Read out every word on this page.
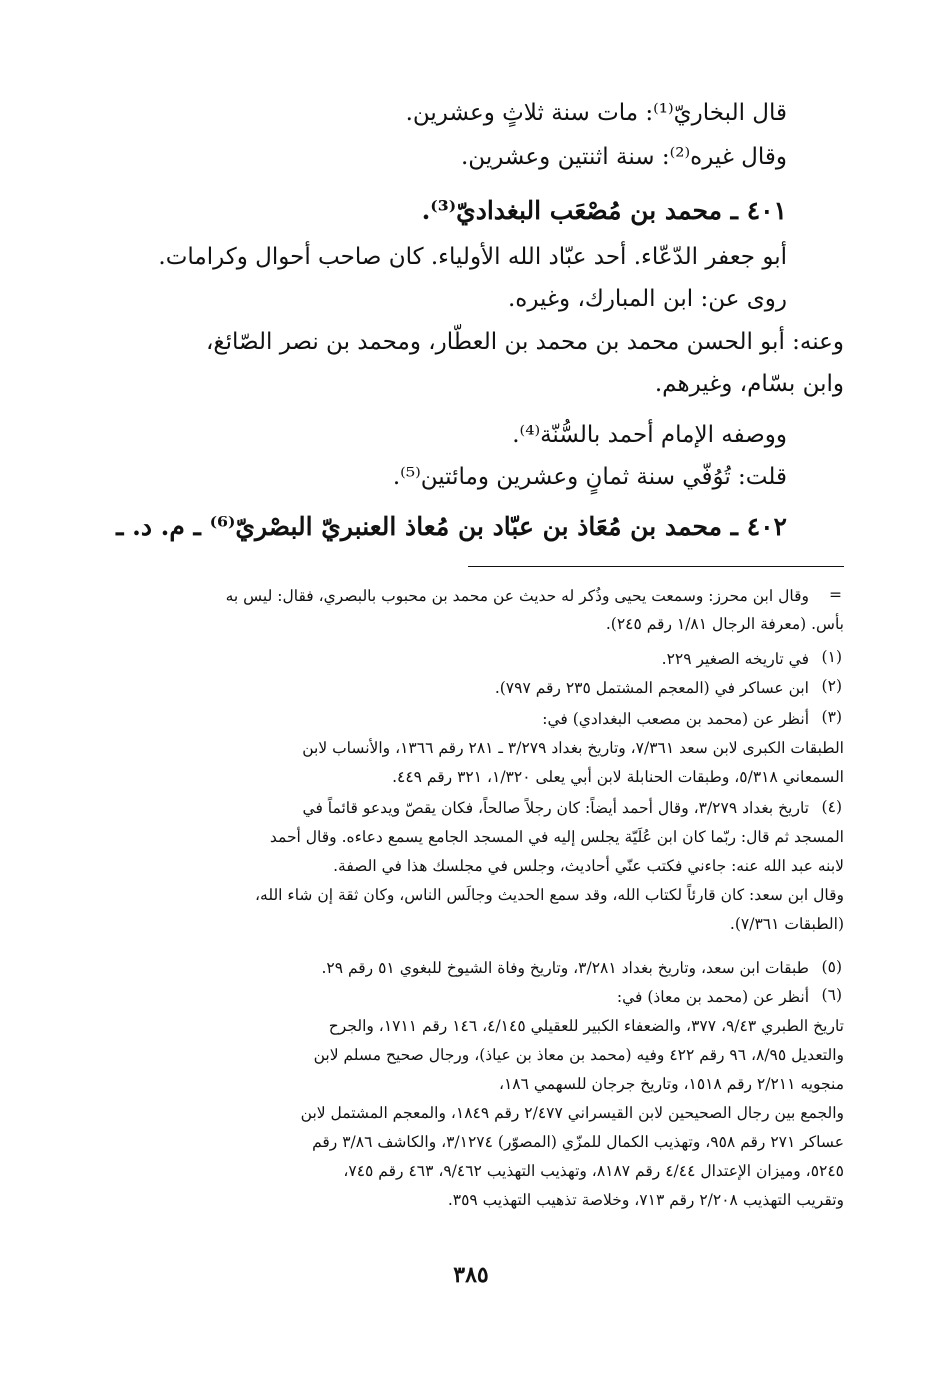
قال البخاريّ⁽¹⁾: مات سنة ثلاثٍ وعشرين.
وقال غيره⁽²⁾: سنة اثنتين وعشرين.
٤٠١ ـ محمد بن مُصْعَب البغداديّ⁽³⁾.
أبو جعفر الدّعّاء. أحد عبّاد الله الأولياء. كان صاحب أحوال وكرامات.
روى عن: ابن المبارك، وغيره.
وعنه: أبو الحسن محمد بن محمد بن العطّار، ومحمد بن نصر الصّائغ،
وابن بسّام، وغيرهم.
ووصفه الإمام أحمد بالسُّنّة⁽⁴⁾.
قلت: تُوُفّي سنة ثمانٍ وعشرين ومائتين⁽⁵⁾.
٤٠٢ ـ محمد بن مُعَاذ بن عبّاد بن مُعاذ العنبريّ البصْريّ⁽⁶⁾ ـ م. د. ـ
=
وقال ابن محرز: وسمعت يحيى وذُكر له حديث عن محمد بن محبوب بالبصري، فقال: ليس به
بأس. (معرفة الرجال ١/٨١ رقم ٢٤٥).
(١)
في تاريخه الصغير ٢٢٩.
(٢)
ابن عساكر في (المعجم المشتمل ٢٣٥ رقم ٧٩٧).
(٣)
أنظر عن (محمد بن مصعب البغدادي) في:
الطبقات الكبرى لابن سعد ٧/٣٦١، وتاريخ بغداد ٣/٢٧٩ ـ ٢٨١ رقم ١٣٦٦، والأنساب لابن
السمعاني ٥/٣١٨، وطبقات الحنابلة لابن أبي يعلى ١/٣٢٠، ٣٢١ رقم ٤٤٩.
(٤)
تاريخ بغداد ٣/٢٧٩، وقال أحمد أيضاً: كان رجلاً صالحاً، فكان يقصّ ويدعو قائماً في
المسجد ثم قال: ربّما كان ابن عُلَيّة يجلس إليه في المسجد الجامع يسمع دعاءه. وقال أحمد
لابنه عبد الله عنه: جاءني فكتب عنّي أحاديث، وجلس في مجلسك هذا في الصفة.
وقال ابن سعد: كان قارئاً لكتاب الله، وقد سمع الحديث وجالَس الناس، وكان ثقة إن شاء الله،
(الطبقات ٧/٣٦١).
(٥)
طبقات ابن سعد، وتاريخ بغداد ٣/٢٨١، وتاريخ وفاة الشيوخ للبغوي ٥١ رقم ٢٩.
(٦)
أنظر عن (محمد بن معاذ) في:
تاريخ الطبري ٩/٤٣، ٣٧٧، والضعفاء الكبير للعقيلي ٤/١٤٥، ١٤٦ رقم ١٧١١، والجرح
والتعديل ٨/٩٥، ٩٦ رقم ٤٢٢ وفيه (محمد بن معاذ بن عياذ)، ورجال صحيح مسلم لابن
منجويه ٢/٢١١ رقم ١٥١٨، وتاريخ جرجان للسهمي ١٨٦،
والجمع بين رجال الصحيحين لابن القيسراني ٢/٤٧٧ رقم ١٨٤٩، والمعجم المشتمل لابن
عساكر ٢٧١ رقم ٩٥٨، وتهذيب الكمال للمزّي (المصوّر) ٣/١٢٧٤، والكاشف ٣/٨٦ رقم
٥٢٤٥، وميزان الإعتدال ٤/٤٤ رقم ٨١٨٧، وتهذيب التهذيب ٩/٤٦٢، ٤٦٣ رقم ٧٤٥،
وتقريب التهذيب ٢/٢٠٨ رقم ٧١٣، وخلاصة تذهيب التهذيب ٣٥٩.
٣٨٥
